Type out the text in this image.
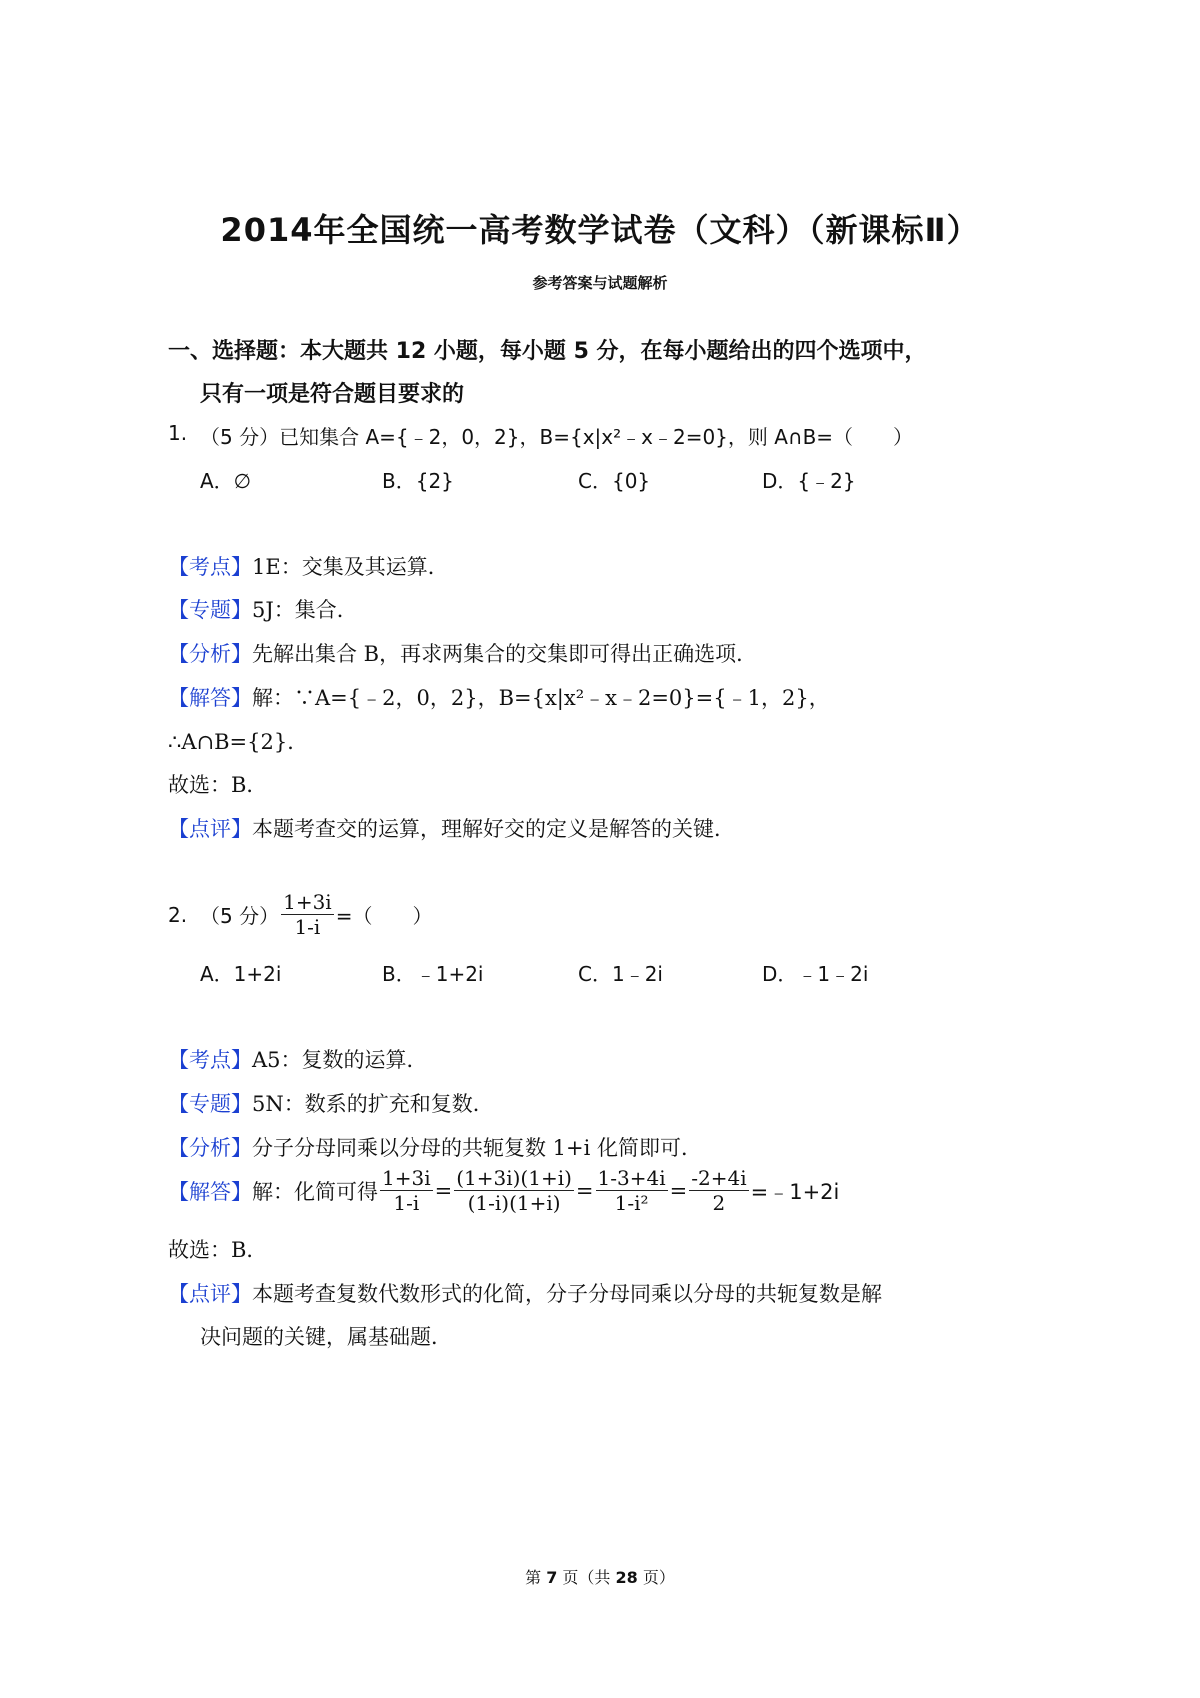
2014年全国统一高考数学试卷（文科）（新课标Ⅱ）
参考答案与试题解析
一、选择题：本大题共 12 小题，每小题 5 分，在每小题给出的四个选项中，
只有一项是符合题目要求的
1. （5 分）已知集合 A={﹣2，0，2}，B={x|x²﹣x﹣2=0}，则 A∩B=（　　）
A．∅	B．{2}	C．{0}	D．{﹣2}
【考点】1E：交集及其运算．
【专题】5J：集合．
【分析】先解出集合 B，再求两集合的交集即可得出正确选项．
【解答】解：∵A={﹣2，0，2}，B={x|x²﹣x﹣2=0}={﹣1，2}，
∴A∩B={2}．
故选：B．
【点评】本题考查交的运算，理解好交的定义是解答的关键．
2. （5 分） $\frac{1+3i}{1-i}$ =（　　）
A．1+2i	B．﹣1+2i	C．1﹣2i	D．﹣1﹣2i
【考点】A5：复数的运算．
【专题】5N：数系的扩充和复数．
【分析】分子分母同乘以分母的共轭复数 1+i 化简即可．
【解答】 解：化简可得 $\frac{1+3i}{1-i} = \frac{(1+3i)(1+i)}{(1-i)(1+i)} = \frac{1-3+4i}{\text{1-i²}} = \frac{-2+4i}{2}$ =﹣1+2i
故选：B．
【点评】本题考查复数代数形式的化简，分子分母同乘以分母的共轭复数是解
决问题的关键，属基础题．
第 7 页（共 28 页）
